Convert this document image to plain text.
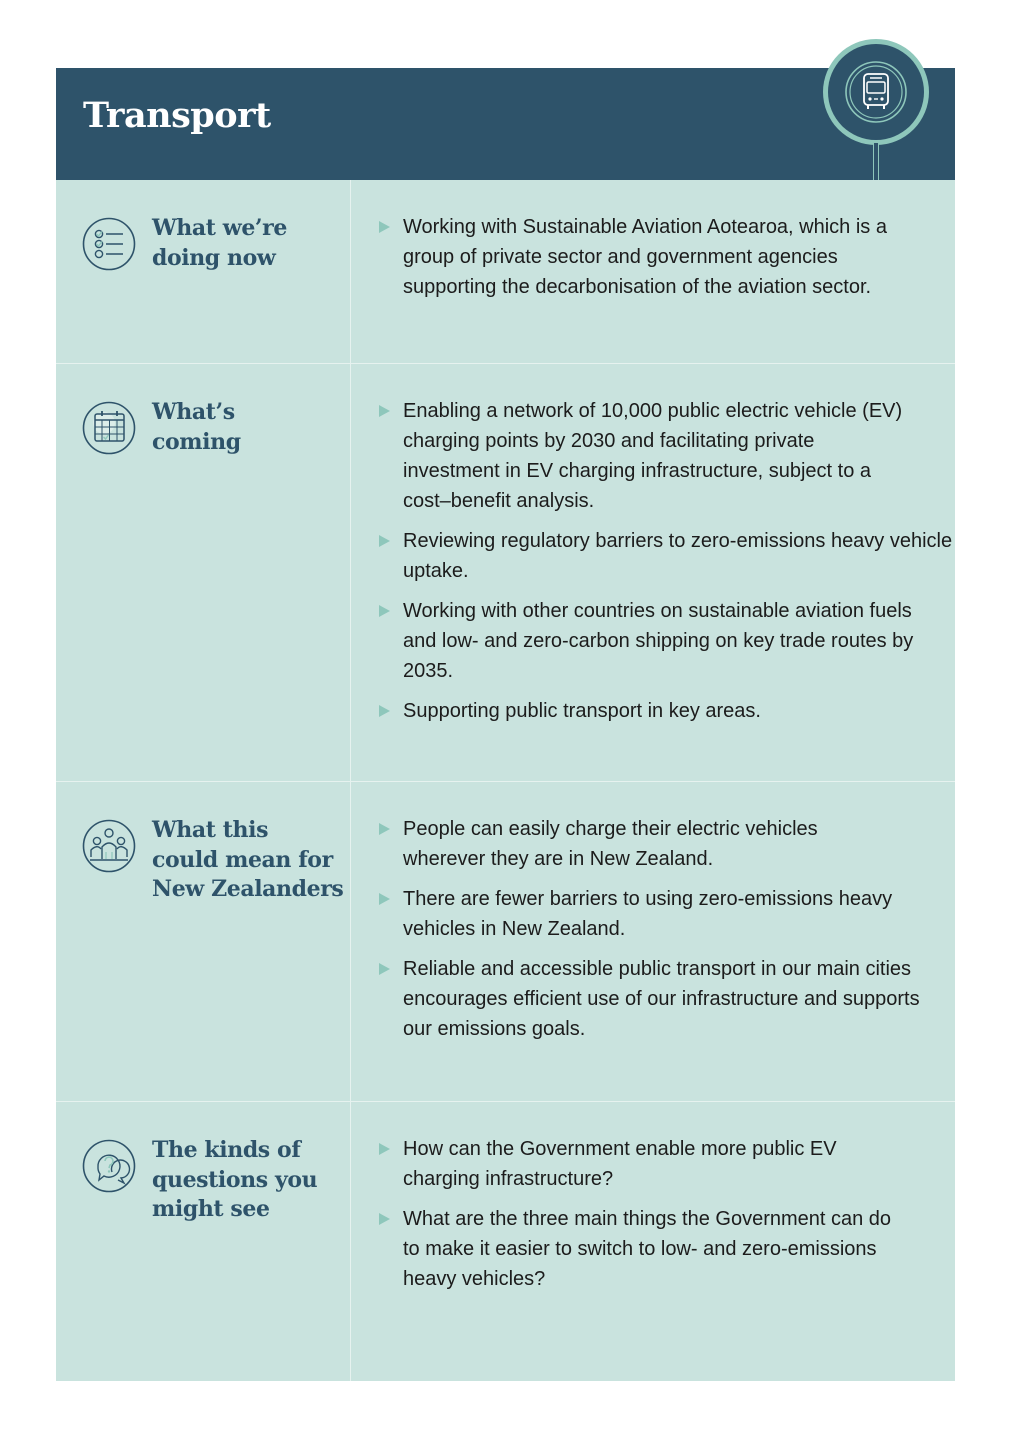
Transport
What we’re
doing now
Working with Sustainable Aviation Aotearoa, which is a group of private sector and government agencies supporting the decarbonisation of the aviation sector.
What’s
coming
Enabling a network of 10,000 public electric vehicle (EV) charging points by 2030 and facilitating private investment in EV charging infrastructure, subject to a cost–benefit analysis.
Reviewing regulatory barriers to zero-emissions heavy vehicle uptake.
Working with other countries on sustainable aviation fuels and low- and zero-carbon shipping on key trade routes by 2035.
Supporting public transport in key areas.
What this
could mean for
New Zealanders
People can easily charge their electric vehicles wherever they are in New Zealand.
There are fewer barriers to using zero-emissions heavy vehicles in New Zealand.
Reliable and accessible public transport in our main cities encourages efficient use of our infrastructure and supports our emissions goals.
The kinds of
questions you
might see
How can the Government enable more public EV charging infrastructure?
What are the three main things the Government can do to make it easier to switch to low- and zero-emissions heavy vehicles?
